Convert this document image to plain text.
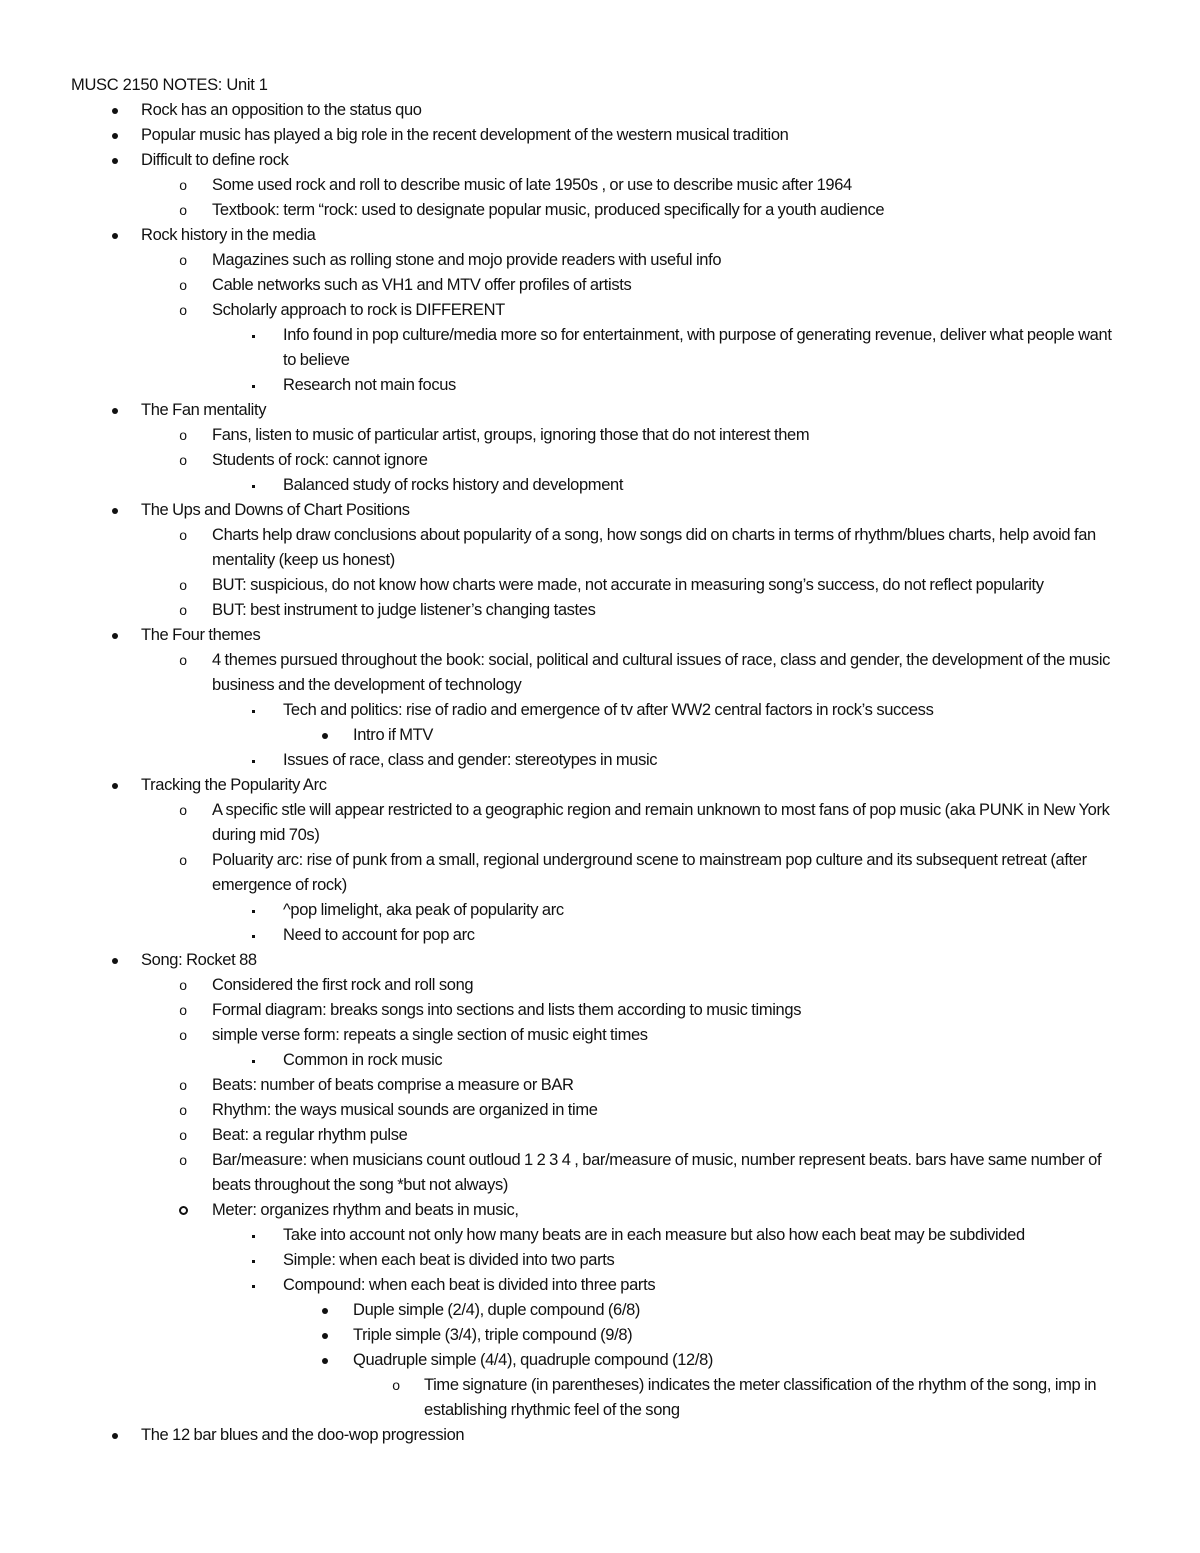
MUSC 2150 NOTES: Unit 1
Rock has an opposition to the status quo
Popular music has played a big role in the recent development of the western musical tradition
Difficult to define rock
o Some used rock and roll to describe music of late 1950s , or use to describe music after 1964
o Textbook: term “rock: used to designate popular music, produced specifically for a youth audience
Rock history in the media
o Magazines such as rolling stone and mojo provide readers with useful info
o Cable networks such as VH1 and MTV offer profiles of artists
o Scholarly approach to rock is DIFFERENT
Info found in pop culture/media more so for entertainment, with purpose of generating revenue, deliver what people want to believe
Research not main focus
The Fan mentality
o Fans, listen to music of particular artist, groups, ignoring those that do not interest them
o Students of rock: cannot ignore
Balanced study of rocks history and development
The Ups and Downs of Chart Positions
o Charts help draw conclusions about popularity of a song, how songs did on charts in terms of rhythm/blues charts, help avoid fan mentality (keep us honest)
o BUT: suspicious, do not know how charts were made, not accurate in measuring song’s success, do not reflect popularity
o BUT: best instrument to judge listener’s changing tastes
The Four themes
o 4 themes pursued throughout the book: social, political and cultural issues of race, class and gender, the development of the music business and the development of technology
Tech and politics: rise of radio and emergence of tv after WW2 central factors in rock’s success
Intro if MTV
Issues of race, class and gender: stereotypes in music
Tracking the Popularity Arc
o A specific stle will appear restricted to a geographic region and remain unknown to most fans of pop music (aka PUNK in New York during mid 70s)
o Poluarity arc: rise of punk from a small, regional underground scene to mainstream pop culture and its subsequent retreat (after emergence of rock)
^pop limelight, aka peak of popularity arc
Need to account for pop arc
Song: Rocket 88
o Considered the first rock and roll song
o Formal diagram: breaks songs into sections and lists them according to music timings
o simple verse form: repeats a single section of music eight times
Common in rock music
o Beats: number of beats comprise a measure or BAR
o Rhythm: the ways musical sounds are organized in time
o Beat: a regular rhythm pulse
o Bar/measure: when musicians count outloud 1 2 3 4 , bar/measure of music, number represent beats. bars have same number of beats throughout the song *but not always)
Meter: organizes rhythm and beats in music,
Take into account not only how many beats are in each measure but also how each beat may be subdivided
Simple: when each beat is divided into two parts
Compound: when each beat is divided into three parts
Duple simple (2/4), duple compound (6/8)
Triple simple (3/4), triple compound (9/8)
Quadruple simple (4/4), quadruple compound (12/8)
o Time signature (in parentheses) indicates the meter classification of the rhythm of the song, imp in establishing rhythmic feel of the song
The 12 bar blues and the doo-wop progression
